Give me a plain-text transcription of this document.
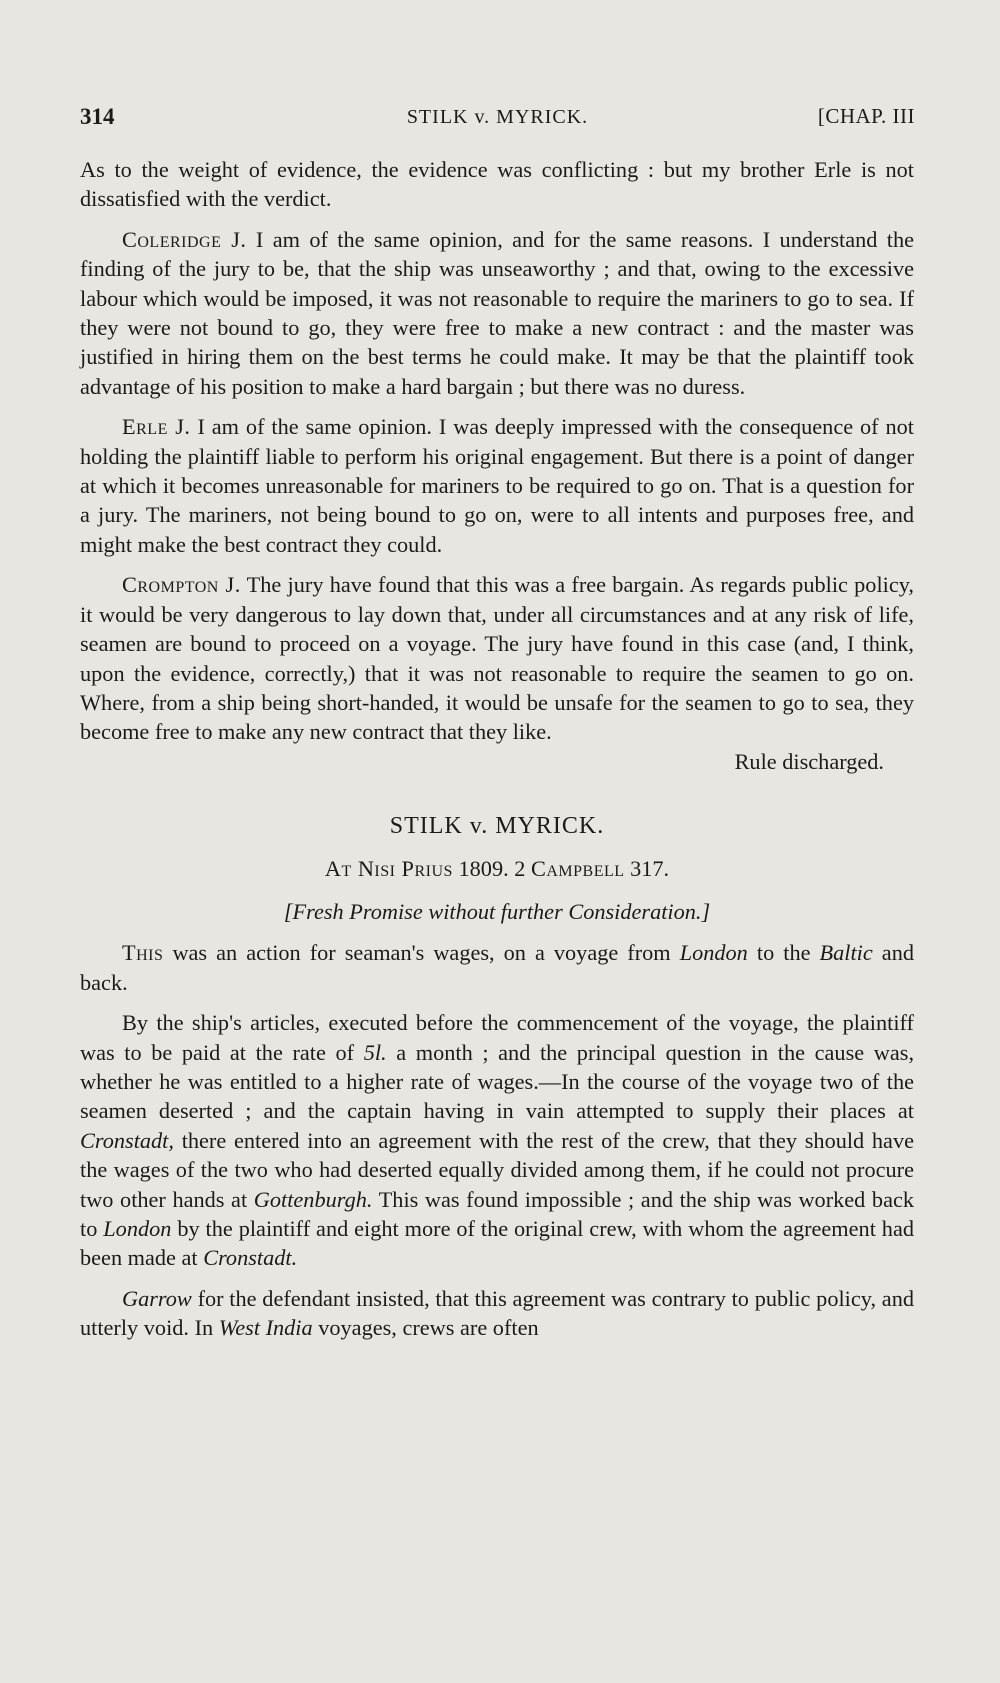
314	STILK v. MYRICK.	[CHAP. III

As to the weight of evidence, the evidence was conflicting : but my brother Erle is not dissatisfied with the verdict.

Coleridge J. I am of the same opinion, and for the same reasons. I understand the finding of the jury to be, that the ship was unseaworthy ; and that, owing to the excessive labour which would be imposed, it was not reasonable to require the mariners to go to sea. If they were not bound to go, they were free to make a new contract : and the master was justified in hiring them on the best terms he could make. It may be that the plaintiff took advantage of his position to make a hard bargain ; but there was no duress.

Erle J. I am of the same opinion. I was deeply impressed with the consequence of not holding the plaintiff liable to perform his original engagement. But there is a point of danger at which it becomes unreasonable for mariners to be required to go on. That is a question for a jury. The mariners, not being bound to go on, were to all intents and purposes free, and might make the best contract they could.

Crompton J. The jury have found that this was a free bargain. As regards public policy, it would be very dangerous to lay down that, under all circumstances and at any risk of life, seamen are bound to proceed on a voyage. The jury have found in this case (and, I think, upon the evidence, correctly,) that it was not reasonable to require the seamen to go on. Where, from a ship being short-handed, it would be unsafe for the seamen to go to sea, they become free to make any new contract that they like.

Rule discharged.

STILK v. MYRICK.

At Nisi Prius 1809. 2 Campbell 317.

[Fresh Promise without further Consideration.]

This was an action for seaman's wages, on a voyage from London to the Baltic and back.

By the ship's articles, executed before the commencement of the voyage, the plaintiff was to be paid at the rate of 5l. a month ; and the principal question in the cause was, whether he was entitled to a higher rate of wages.—In the course of the voyage two of the seamen deserted ; and the captain having in vain attempted to supply their places at Cronstadt, there entered into an agreement with the rest of the crew, that they should have the wages of the two who had deserted equally divided among them, if he could not procure two other hands at Gottenburgh. This was found impossible ; and the ship was worked back to London by the plaintiff and eight more of the original crew, with whom the agreement had been made at Cronstadt.

Garrow for the defendant insisted, that this agreement was contrary to public policy, and utterly void. In West India voyages, crews are often
